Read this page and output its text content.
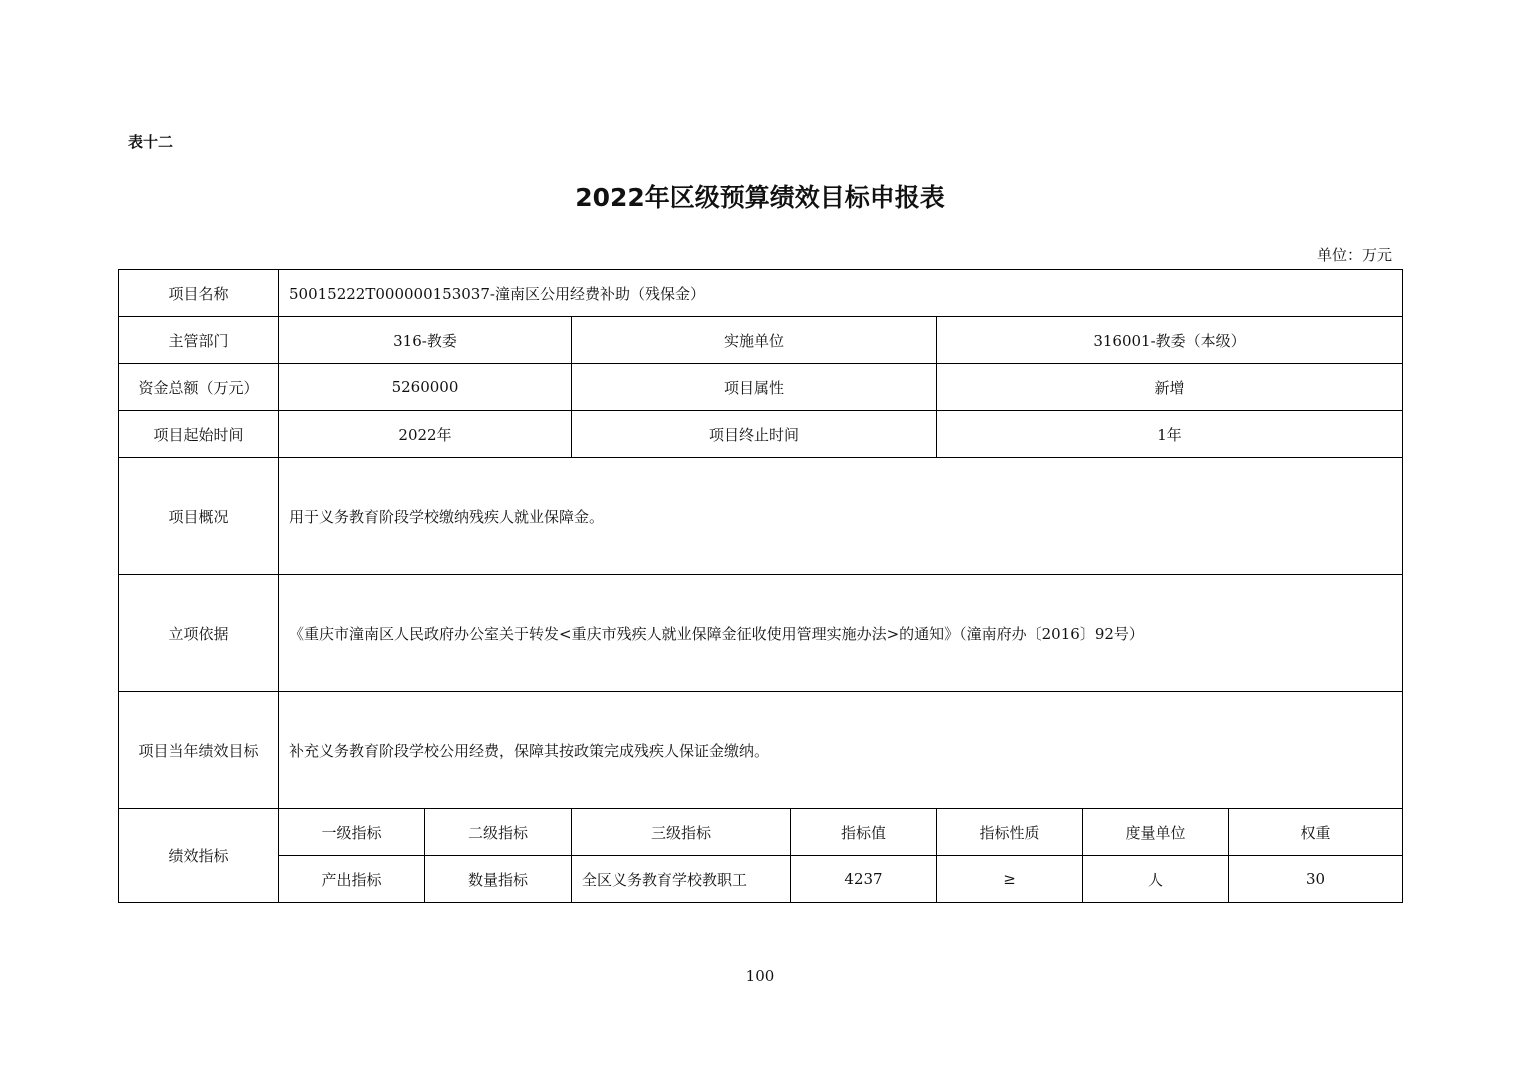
表十二
2022年区级预算绩效目标申报表
单位：万元
项目名称	50015222T000000153037-潼南区公用经费补助（残保金）						
主管部门	316-教委		实施单位		316001-教委（本级）		
资金总额（万元）	5260000		项目属性		新增		
项目起始时间	2022年		项目终止时间		1年		
项目概况	用于义务教育阶段学校缴纳残疾人就业保障金。						
立项依据	《重庆市潼南区人民政府办公室关于转发<重庆市残疾人就业保障金征收使用管理实施办法>的通知》（潼南府办〔2016〕92号）						
项目当年绩效目标	补充义务教育阶段学校公用经费，保障其按政策完成残疾人保证金缴纳。						
绩效指标	一级指标	二级指标	三级指标	指标值	指标性质	度量单位	权重
	产出指标	数量指标	全区义务教育学校教职工	4237	≥	人	30
100
